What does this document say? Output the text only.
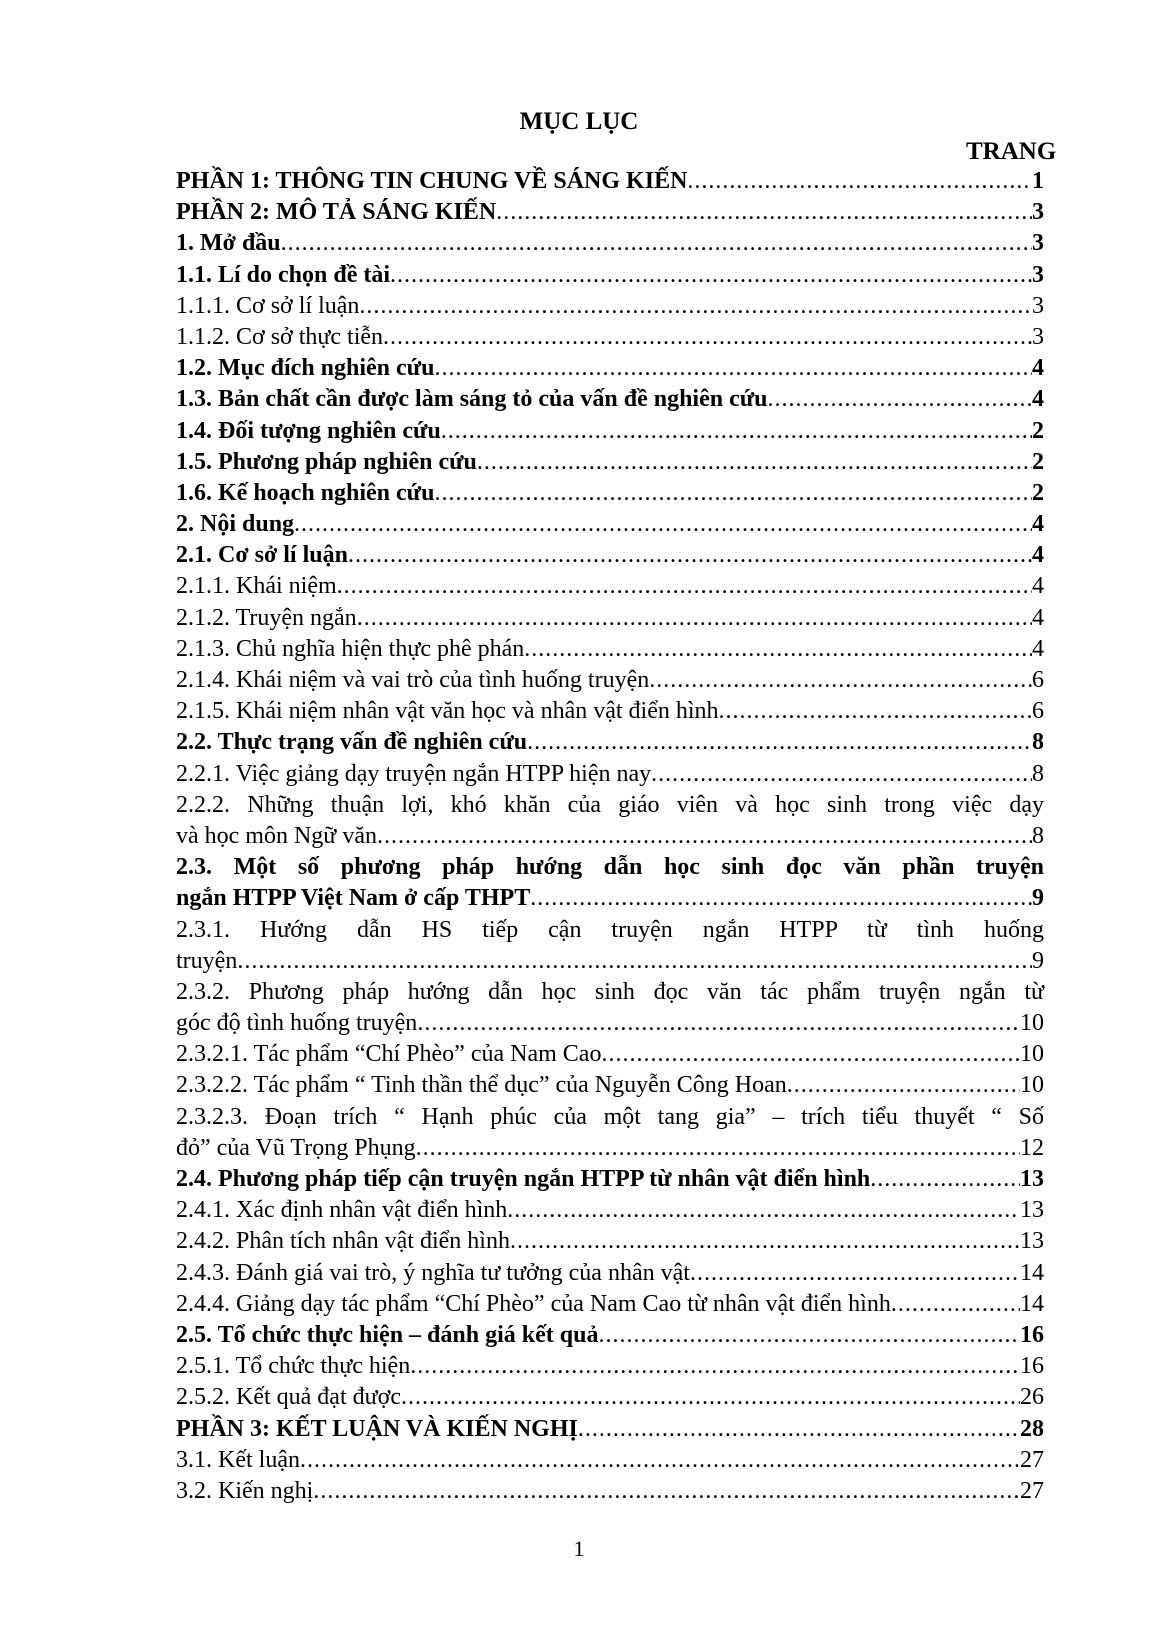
MỤC LỤC
TRANG
PHẦN 1: THÔNG TIN CHUNG VỀ SÁNG KIẾN .....	1
PHẦN 2: MÔ TẢ SÁNG KIẾN .....	3
1. Mở đầu .....	3
1.1. Lí do chọn đề tài .....	3
1.1.1. Cơ sở lí luận .....	3
1.1.2. Cơ sở thực tiễn .....	3
1.2. Mục đích nghiên cứu .....	4
1.3. Bản chất cần được làm sáng tỏ của vấn đề nghiên cứu .....	4
1.4. Đối tượng nghiên cứu .....	2
1.5. Phương pháp nghiên cứu .....	2
1.6. Kế hoạch nghiên cứu .....	2
2. Nội dung .....	4
2.1. Cơ sở lí luận .....	4
2.1.1. Khái niệm .....	4
2.1.2. Truyện ngắn .....	4
2.1.3. Chủ nghĩa hiện thực phê phán .....	4
2.1.4. Khái niệm và vai trò của tình huống truyện .....	6
2.1.5. Khái niệm nhân vật văn học và nhân vật điển hình .....	6
2.2. Thực trạng vấn đề nghiên cứu .....	8
2.2.1. Việc giảng dạy truyện ngắn HTPP hiện nay .....	8
2.2.2. Những thuận lợi, khó khăn của giáo viên và học sinh trong việc dạy
và học môn Ngữ văn .....	8
2.3. Một số phương pháp hướng dẫn học sinh đọc văn phần truyện
ngắn HTPP Việt Nam ở cấp THPT .....	9
2.3.1. Hướng dẫn HS tiếp cận truyện ngắn HTPP từ tình huống
truyện .....	9
2.3.2. Phương pháp hướng dẫn học sinh đọc văn tác phẩm truyện ngắn từ
góc độ tình huống truyện .....	10
2.3.2.1. Tác phẩm “Chí Phèo” của Nam Cao .....	10
2.3.2.2. Tác phẩm “ Tinh thần thể dục” của Nguyễn Công Hoan .....	10
2.3.2.3. Đoạn trích “ Hạnh phúc của một tang gia” – trích tiểu thuyết “ Số
đỏ” của Vũ Trọng Phụng .....	12
2.4. Phương pháp tiếp cận truyện ngắn HTPP từ nhân vật điển hình .....	13
2.4.1. Xác định nhân vật điển hình .....	13
2.4.2. Phân tích nhân vật điển hình .....	13
2.4.3. Đánh giá vai trò, ý nghĩa tư tưởng của nhân vật .....	14
2.4.4. Giảng dạy tác phẩm “Chí Phèo” của Nam Cao từ nhân vật điển hình .....	14
2.5. Tổ chức thực hiện – đánh giá kết quả .....	16
2.5.1. Tổ chức thực hiện .....	16
2.5.2. Kết quả đạt được .....	26
PHẦN 3: KẾT LUẬN VÀ KIẾN NGHỊ .....	28
3.1. Kết luận .....	27
3.2. Kiến nghị .....	27
1
